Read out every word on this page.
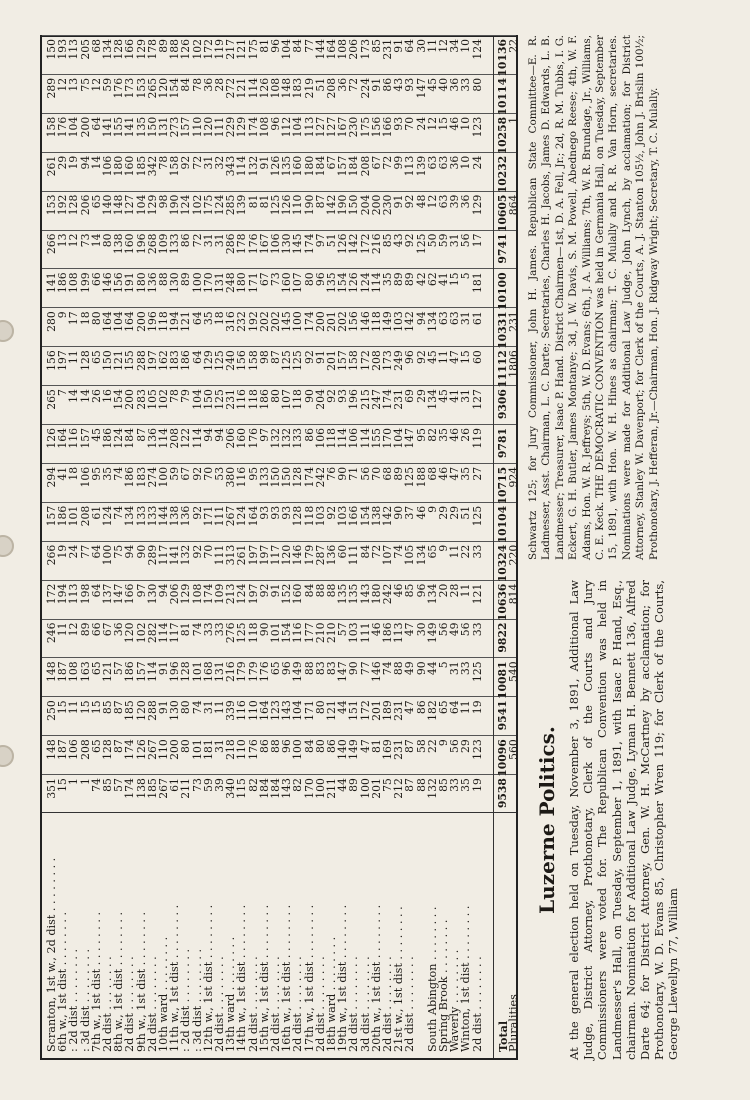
Scranton, 1st w., 2d dist . . . . . . . .
6th w., 1st dist . . . . . . . .
: 2d dist . . . . . . . .
: 3d dist . . . . . . . .
7th w., 1st dist . . . . . . . .
2d dist . . . . . . . .
8th w., 1st dist . . . . . . . .
2d dist . . . . . . . .
9th w., 1st dist . . . . . . . .
2d dist . . . . . . . .
10th ward . . . . . . . .
11th w., 1st dist . . . . . . . .
: 2d dist . . . . . . . .
: 3d dist . . . . . . . .
12th w., 1st dist . . . . . . . .
2d dist . . . . . . . .
13th ward . . . . . . . .
14th w., 1st dist . . . . . . . .
2d dist . . . . . . . .
15th w., 1st dist . . . . . . . .
2d dist . . . . . . . .
16th w., 1st dist . . . . . . . .
2d dist . . . . . . . .
17th w., 1st dist . . . . . . . .
2d dist . . . . . . . .
18th ward . . . . . . . .
19th w., 1st dist . . . . . . . .
2d dist . . . . . . . .
3d dist . . . . . . . .
20th w., 1st dist . . . . . . . .
2d dist . . . . . . . .
21st w., 1st dist . . . . . . . .
2d dist . . . . . . . . South Abington . . . . . . . .
Spring Brook . . . . . . . .
Waverly . . . . . . . .
Winton, 1st dist . . . . . . . .
2d dist . . . . . . . . Total
Pluralities
351
15
1
1
74
85
57
174
138
185
267
61
211
73
59
39
340
115
82
184
184
143
82
170
100
211
44
89
100
201
75
212
87
88
132
85
33
35
19 9538
148
187
106
208
65
128
87
174
126
267
110
200
80
101
181
31
218
110
176
86
88
96
100
84
80
86
140
149
47
81
169
231
87
58
22
9
56
29
123 10096
560
250
15
11
15
15
85
87
185
120
288
91
130
80
74
31
11
339
116
110
164
123
143
104
171
80
121
44
151
172
201
189
231
47
86
182
65
64
11
19 9541
148
187
108
163
65
121
57
186
157
114
91
196
128
101
168
131
216
179
179
176
65
96
149
88
83
83
147
90
77
146
74
88
49
90
44
5
31
33
125 10081
540
246
11
12
89
66
67
36
120
102
282
114
117
81
74
33
33
276
125
118
90
101
154
116
177
210
210
57
103
111
46
186
113
47
30
149
56
49
56
33 9822
172
194
113
198
64
137
147
166
97
130
94
206
129
108
174
109
213
124
197
92
91
152
160
84
88
88
135
135
143
180
242
46
85
96
134
20
28
11
121 10636
814
266
19
24
77
64
100
75
94
90
289
117
141
132
92
70
111
313
261
197
197
117
120
146
179
287
136
60
111
84
72
107
74
105
134
65
9
11
22
33 10324
220
157
186
101
208
61
124
74
134
133
133
144
138
136
92
171
111
267
124
164
93
93
93
128
118
103
92
103
166
154
138
142
90
37
46
9
29
29
51
125 10104
294
41
18
106
95
35
74
186
183
274
100
59
67
92
70
53
380
116
95
133
150
150
128
174
242
76
90
71
56
70
68
89
125
188
68
46
47
35
27 10715
924
126
164
116
157
45
186
124
184
87
136
114
208
122
114
94
94
206
160
176
97
132
132
133
86
106
118
114
106
114
155
170
104
147
95
82
35
46
26
119 9781
265
7
14
14
26
16
154
200
283
105
102
78
79
104
150
125
231
116
118
186
80
107
118
90
204
92
93
196
215
247
174
231
69
29
134
45
41
31
127 9306
156
197
11
128
65
150
121
155
288
197
162
183
186
64
129
125
240
156
158
98
87
125
125
92
91
201
157
158
172
208
173
249
96
92
45
11
47
15
60 11112
1806
280
9
17
18
80
164
104
164
200
196
118
194
121
64
35
18
316
232
192
202
202
145
100
174
200
201
202
156
146
118
149
103
142
94
134
63
63
31
61 10331
231
141
186
108
199
66
146
156
191
180
136
88
130
89
100
170
131
248
180
171
67
73
160
107
80
96
135
154
126
124
114
35
89
89
42
62
41
15
5
181 10100
266
13
12
73
14
80
138
160
196
268
109
133
86
72
31
31
286
178
176
167
106
130
145
174
97
51
126
142
172
216
85
43
92
125
50
59
31
56
17 9741
153
192
128
206
65
140
148
127
104
129
98
190
124
102
175
124
285
139
81
81
125
126
110
190
87
142
190
150
204
200
230
91
92
48
12
63
39
36
129 10605
864
261
29
19
94
14
106
180
160
185
342
78
158
92
72
31
32
343
114
132
91
126
135
160
180
184
67
157
184
208
67
72
99
113
139
63
63
36
10
24 10232
158
176
104
200
64
141
155
141
135
150
131
273
157
110
120
111
229
129
174
108
96
112
104
113
127
127
167
230
175
156
166
93
70
24
12
15
46
10
123 10258
1
289
12
13
75
12
59
176
173
153
265
120
154
84
78
36
28
272
121
114
126
108
148
183
219
51
208
36
72
224
91
86
43
93
147
45
40
36
33
80 10114
150
193
113
205
68
134
128
166
129
178
89
188
126
102
172
119
217
121
175
81
96
104
84
77
144
164
108
206
173
85
231
91
64
30
11
12
34
10
124 10136
22
Luzerne Politics. At the general election held on Tuesday, November 3, 1891, Additional Law Judge, District Attorney, Prothonotary, Clerk of the Courts and Jury Commissioners were voted for. The Republican Convention was held in Landmesser's Hall, on Tuesday, September 1, 1891, with Isaac P. Hand, Esq., chairman. Nomination for Additional Law Judge, Lyman H. Bennett 136, Alfred Darte 64; for District Attorney, Gen. W. H. McCartney by acclamation; for Prothonotary, W. D. Evans 85, Christopher Wren 119; for Clerk of the Courts, George Llewellyn 77, William
Schwartz 125; for Jury Commissioner, John H. James. Republican State Committee—E. R. Ladmesser, Asst. Chairman, L. C. Darte; Secretaries, Charles H. Jacobs, James D. Edwards, L. B. Landmesser; Treasurer, Isaac P. Hand. District Chairmen—1st, D. A. Fell, Jr.; 2d, R. M. Tubbs, I. G. Eckert, G. H. Butler, James Montanye; 3d, J. W. Davis, S. M. Powell, Abednego Reese; 4th, W. F. Adams, Hon. W. R. Jeffreys; 5th, W. D. Evans; 6th, J. A. Williams; 7th, W. R. Brundage, Jr., Williams, C. E. Keck. THE DEMOCRATIC CONVENTION was held in Germania Hall, on Tuesday, September 15, 1891, with Hon. W. H. Hines as chairman; T. C. Mulally and R. R. Van Horn, secretaries. Nominations were made for Additional Law Judge, John Lynch, by acclamation; for District Attorney, Stanley W. Davenport; for Clerk of the Courts, A. J. Stanton 105½, John J. Brislin 100½; Prothonotary, J. Hefferan, Jr.—Chairman, Hon. J. Ridgway Wright; Secretary, T. C. Mulally.
